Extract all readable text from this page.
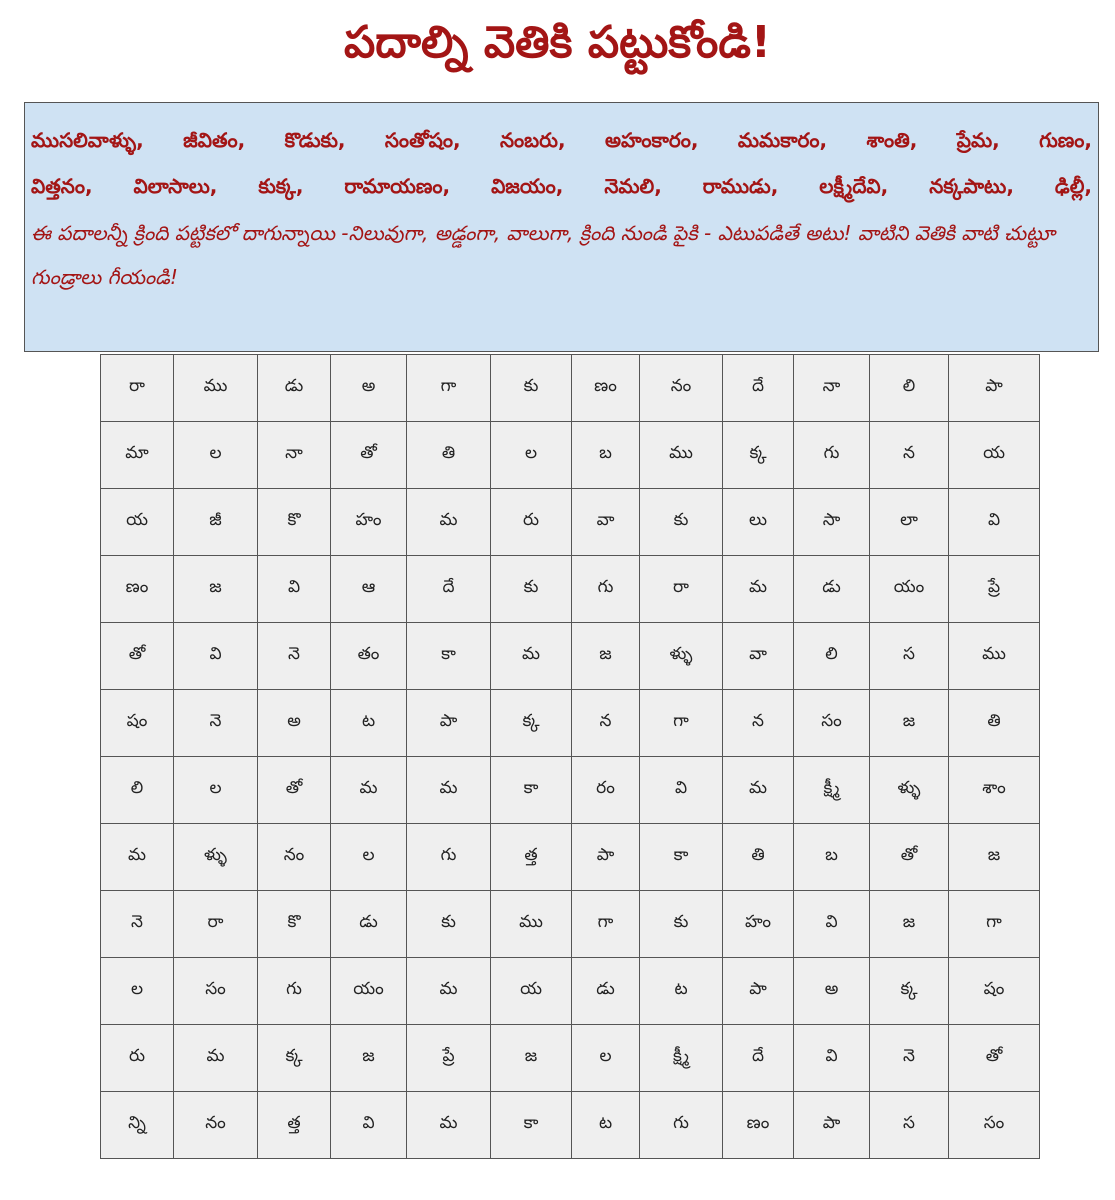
పదాల్ని వెతికి పట్టుకోండి!
ముసలివాళ్ళు, జీవితం, కొడుకు, సంతోషం, నంబరు, అహంకారం, మమకారం, శాంతి, ప్రేమ, గుణం,
విత్తనం, విలాసాలు, కుక్క, రామాయణం, విజయం, నెమలి, రాముడు, లక్ష్మీదేవి, నక్కపాటు, ఢిల్లీ,
ఈ పదాలన్నీ క్రింది పట్టికలో దాగున్నాయి -నిలువుగా, అడ్డంగా, వాలుగా, క్రింది నుండి పైకి - ఎటుపడితే అటు! వాటిని వెతికి వాటి చుట్టూ గుండ్రాలు గీయండి!
రా	ము	డు	అ	గా	కు	ణం	నం	దే	నా	లి	పా
మా	ల	నా	తో	తి	ల	బ	ము	క్క	గు	న	య
య	జీ	కొ	హం	మ	రు	వా	కు	లు	సా	లా	వి
ణం	జ	వి	ఆ	దే	కు	గు	రా	మ	డు	యం	ప్రే
తో	వి	నె	తం	కా	మ	జ	ళ్ళు	వా	లి	స	ము
షం	నె	అ	ట	పా	క్క	న	గా	న	సం	జ	తి
లి	ల	తో	మ	మ	కా	రం	వి	మ	క్ష్మీ	ళ్ళు	శాం
మ	ళ్ళు	నం	ల	గు	త్త	పా	కా	తి	బ	తో	జ
నె	రా	కొ	డు	కు	ము	గా	కు	హం	వి	జ	గా
ల	సం	గు	యం	మ	య	డు	ట	పా	అ	క్క	షం
రు	మ	క్క	జ	ప్రే	జ	ల	క్ష్మీ	దే	వి	నె	తో
న్ని	నం	త్త	వి	మ	కా	ట	గు	ణం	పా	స	సం
